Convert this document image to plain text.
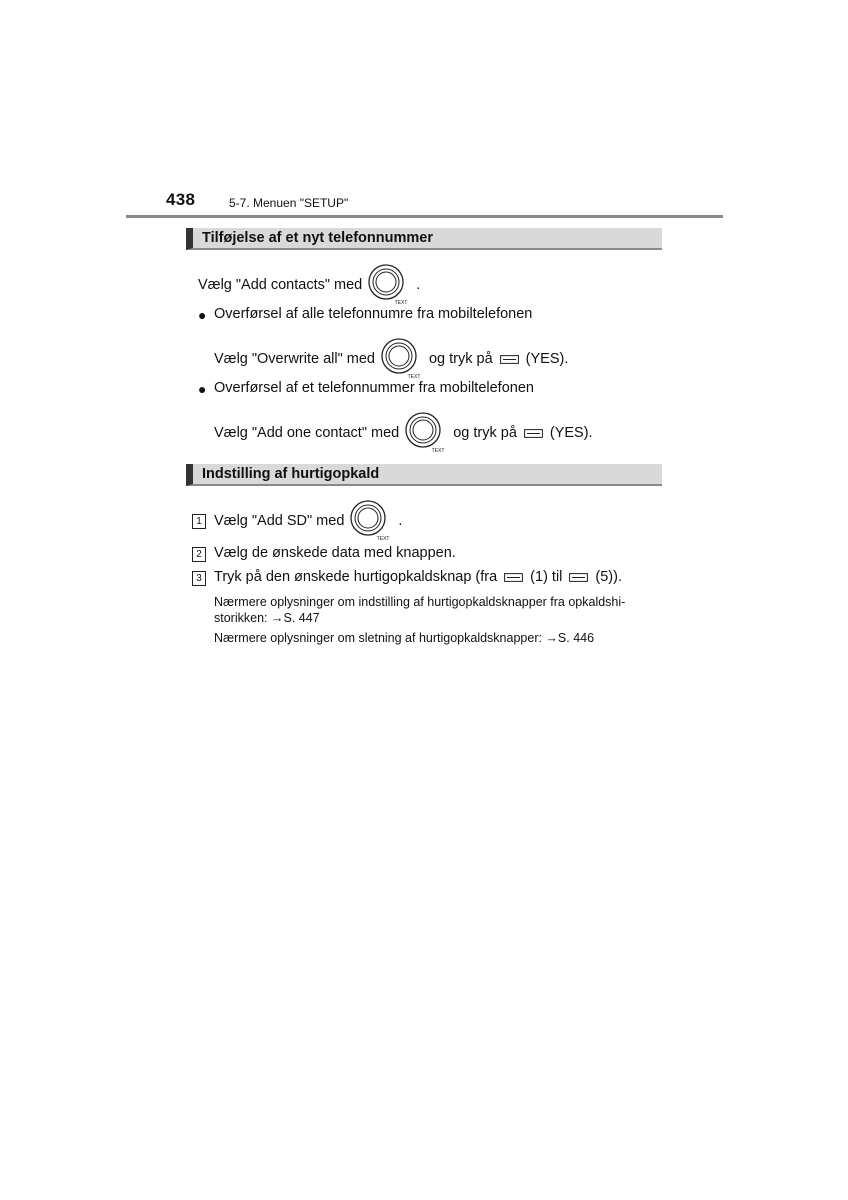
438	5-7. Menuen "SETUP"
Tilføjelse af et nyt telefonnummer
Vælg "Add contacts" med
TEXT
.
● Overførsel af alle telefonnumre fra mobiltelefonen
Vælg "Overwrite all" med
TEXT
og tryk på (YES).
● Overførsel af et telefonnummer fra mobiltelefonen
Vælg "Add one contact" med
TEXT
og tryk på (YES).
Indstilling af hurtigopkald
1 Vælg "Add SD" med
TEXT
.
2 Vælg de ønskede data med knappen.
3 Tryk på den ønskede hurtigopkaldsknap (fra (1) til (5)).
Nærmere oplysninger om indstilling af hurtigopkaldsknapper fra opkaldshi-
storikken: →S. 447
Nærmere oplysninger om sletning af hurtigopkaldsknapper: →S. 446
